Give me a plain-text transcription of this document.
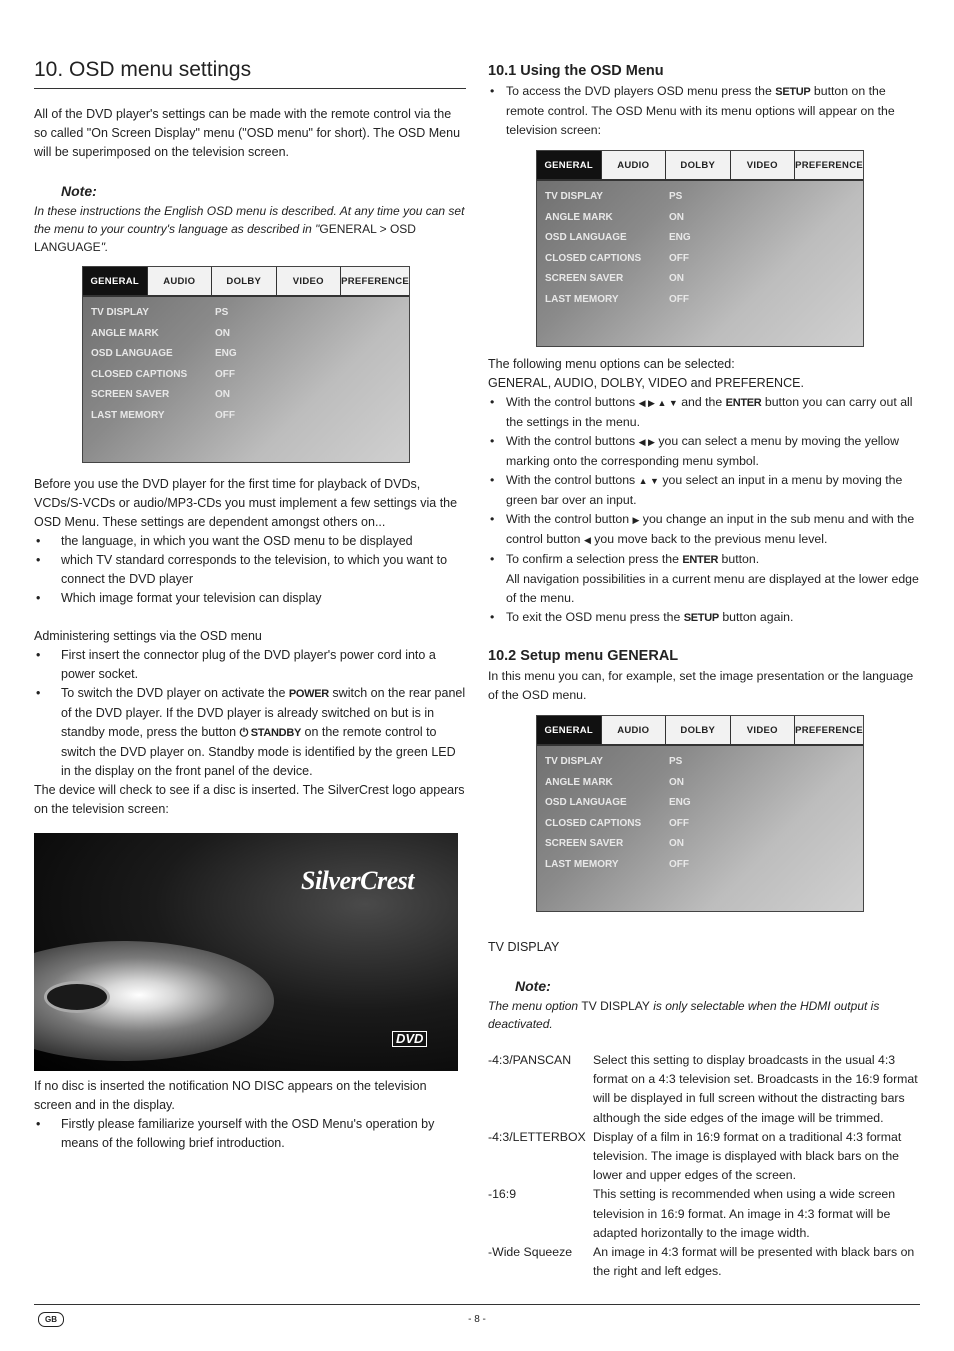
10. OSD menu settings

All of the DVD player's settings can be made with the remote control via the so called "On Screen Display" menu ("OSD menu" for short). The OSD Menu will be superimposed on the television screen.

Note:

In these instructions the English OSD menu is described. At any time you can set the menu to your country's language as described in "GENERAL > OSD LANGUAGE".

GENERAL	AUDIO	DOLBY	VIDEO	PREFERENCE
TV DISPLAY	PS
ANGLE MARK	ON
OSD LANGUAGE	ENG
CLOSED CAPTIONS	OFF
SCREEN SAVER	ON
LAST MEMORY	OFF

Before you use the DVD player for the first time for playback of DVDs, VCDs/S-VCDs or audio/MP3-CDs you must implement a few settings via the OSD Menu. These settings are dependent amongst others on...

• the language, in which you want the OSD menu to be displayed
• which TV standard corresponds to the television, to which you want to connect the DVD player
• Which image format your television can display

Administering settings via the OSD menu

• First insert the connector plug of the DVD player's power cord into a power socket.
• To switch the DVD player on activate the POWER switch on the rear panel of the DVD player. If the DVD player is already switched on but is in standby mode, press the button ⏻ STANDBY on the remote control to switch the DVD player on. Standby mode is identified by the green LED in the display on the front panel of the device.

The device will check to see if a disc is inserted. The SilverCrest logo appears on the television screen:

SilverCrest
DVD

If no disc is inserted the notification NO DISC appears on the television screen and in the display.

• Firstly please familiarize yourself with the OSD Menu's operation by means of the following brief introduction.
10.1 Using the OSD Menu
• To access the DVD players OSD menu press the SETUP button on the remote control. The OSD Menu with its menu options will appear on the television screen:
GENERAL	AUDIO	DOLBY	VIDEO	PREFERENCE
TV DISPLAY	PS
ANGLE MARK	ON
OSD LANGUAGE	ENG
CLOSED CAPTIONS	OFF
SCREEN SAVER	ON
LAST MEMORY	OFF

The following menu options can be selected:

GENERAL, AUDIO, DOLBY, VIDEO and PREFERENCE.

• With the control buttons ◀ ▶ ▲ ▼ and the ENTER button you can carry out all the settings in the menu.
• With the control buttons ◀ ▶ you can select a menu by moving the yellow marking onto the corresponding menu symbol.
• With the control buttons ▲ ▼ you select an input in a menu by moving the green bar over an input.
• With the control button ▶ you change an input in the sub menu and with the control button ◀ you move back to the previous menu level.
• To confirm a selection press the ENTER button.
All navigation possibilities in a current menu are displayed at the lower edge of the menu.
• To exit the OSD menu press the SETUP button again.
10.2 Setup menu GENERAL

In this menu you can, for example, set the image presentation or the language of the OSD menu.

GENERAL	AUDIO	DOLBY	VIDEO	PREFERENCE
TV DISPLAY	PS
ANGLE MARK	ON
OSD LANGUAGE	ENG
CLOSED CAPTIONS	OFF
SCREEN SAVER	ON
LAST MEMORY	OFF

TV DISPLAY

Note:

The menu option TV DISPLAY is only selectable when the HDMI output is deactivated.

-4:3/PANSCAN	Select this setting to display broadcasts in the usual 4:3 format on a 4:3 television set. Broadcasts in the 16:9 format will be displayed in full screen without the distracting bars although the side edges of the image will be trimmed.
-4:3/LETTERBOX Display of a film in 16:9 format on a traditional 4:3 format television. The image is displayed with black bars on the lower and upper edges of the screen.
-16:9	This setting is recommended when using a wide screen television in 16:9 format. An image in 4:3 format will be adapted horizontally to the image width.
-Wide Squeeze	An image in 4:3 format will be presented with black bars on the right and left edges.
GB	- 8 -
